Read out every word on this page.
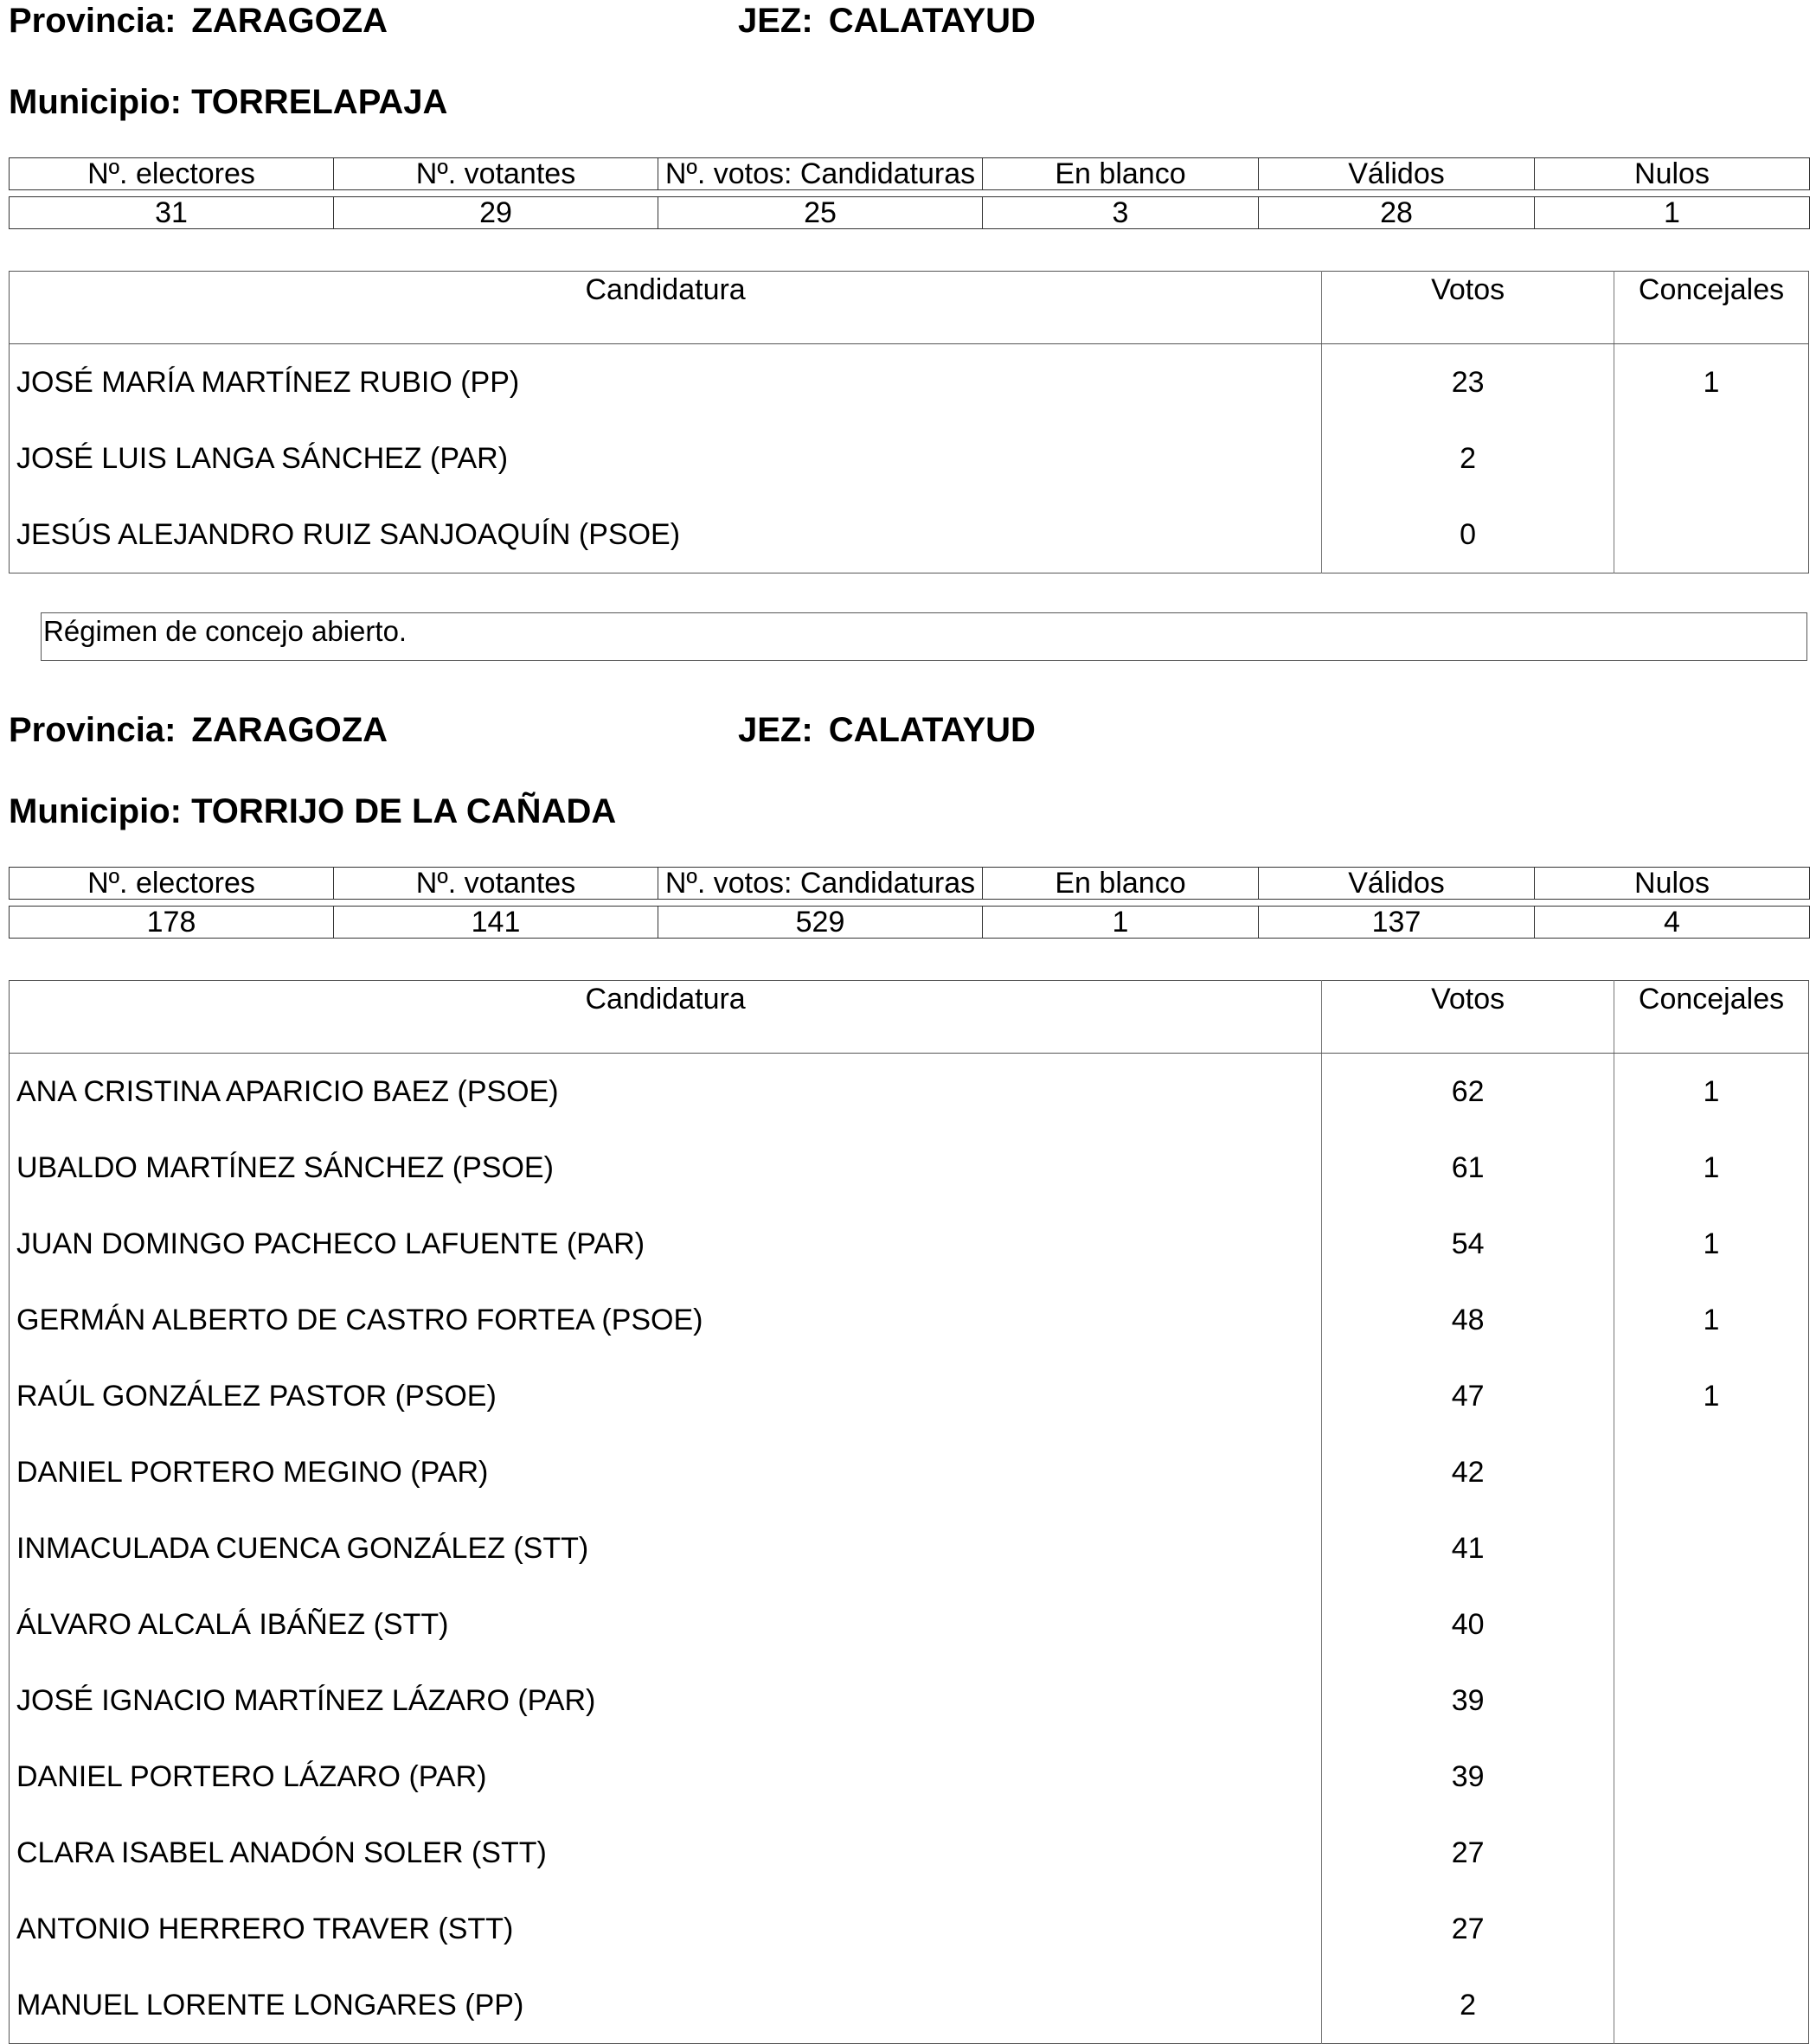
Provincia: ZARAGOZA	JEZ: CALATAYUD
Municipio: TORRELAPAJA
Nº. electores	Nº. votantes	Nº. votos: Candidaturas	En blanco	Válidos	Nulos

31	29	25	3	28	1
Candidatura	Votos	Concejales
JOSÉ MARÍA MARTÍNEZ RUBIO (PP)	23	1
JOSÉ LUIS LANGA SÁNCHEZ (PAR)	2	
JESÚS ALEJANDRO RUIZ SANJOAQUÍN (PSOE)	0	
Régimen de concejo abierto.
Provincia: ZARAGOZA	JEZ: CALATAYUD
Municipio: TORRIJO DE LA CAÑADA
Nº. electores	Nº. votantes	Nº. votos: Candidaturas	En blanco	Válidos	Nulos

178	141	529	1	137	4
Candidatura	Votos	Concejales
ANA CRISTINA APARICIO BAEZ (PSOE)	62	1
UBALDO MARTÍNEZ SÁNCHEZ (PSOE)	61	1
JUAN DOMINGO PACHECO LAFUENTE (PAR)	54	1
GERMÁN ALBERTO DE CASTRO FORTEA (PSOE)	48	1
RAÚL GONZÁLEZ PASTOR (PSOE)	47	1
DANIEL PORTERO MEGINO (PAR)	42	
INMACULADA CUENCA GONZÁLEZ (STT)	41	
ÁLVARO ALCALÁ IBÁÑEZ (STT)	40	
JOSÉ IGNACIO MARTÍNEZ LÁZARO (PAR)	39	
DANIEL PORTERO LÁZARO (PAR)	39	
CLARA ISABEL ANADÓN SOLER (STT)	27	
ANTONIO HERRERO TRAVER (STT)	27	
MANUEL LORENTE LONGARES (PP)	2	
